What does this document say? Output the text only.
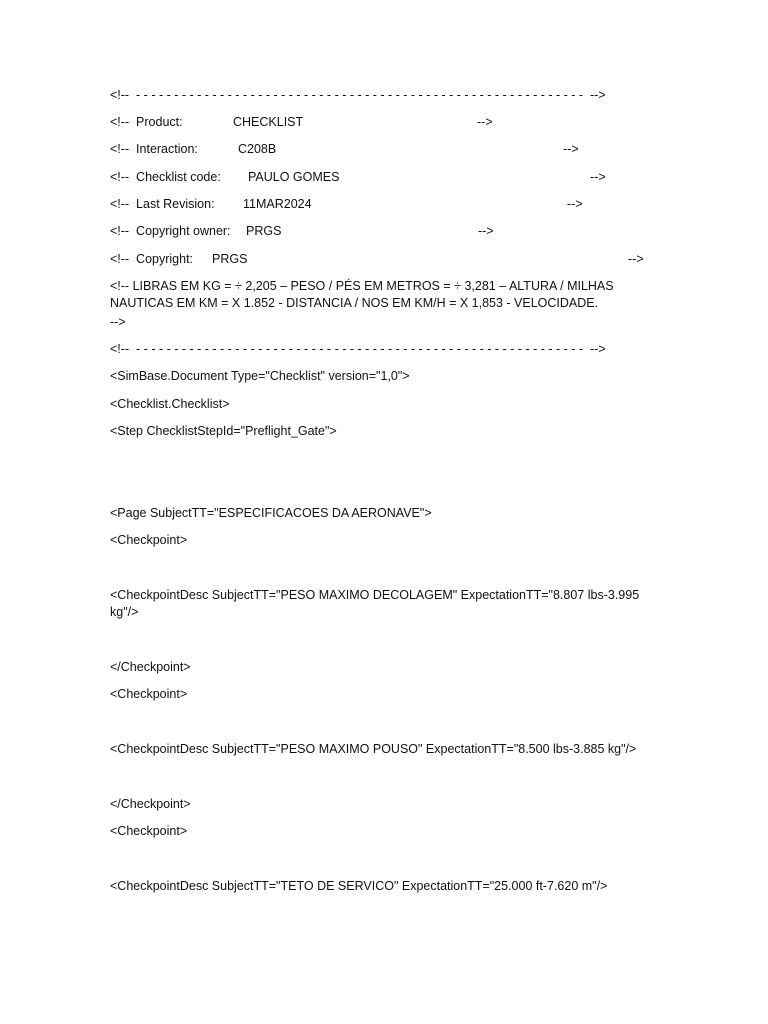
<!--  - - - - - - - - - - - - - - - - - - - - - - - - - - - - - - - - - - - - - - - - - - - - - - - - - - - - - - - - - - -  -->
<!--  Product:	CHECKLIST	-->
<!--  Interaction:	C208B	-->
<!--  Checklist code: PAULO GOMES	-->
<!--  Last Revision: 11MAR2024	-->
<!--  Copyright owner: PRGS	-->
<!--  Copyright: PRGS	-->
<!-- LIBRAS EM KG = ÷ 2,205 – PESO / PÉS EM METROS = ÷ 3,281 – ALTURA / MILHAS NAUTICAS EM KM = X 1.852 - DISTANCIA / NOS EM KM/H = X 1,853 - VELOCIDADE.
-->
<!--  - - - - - - - - - - - - - - - - - - - - - - - - - - - - - - - - - - - - - - - - - - - - - - - - - - - - - - - - - - -  -->
<SimBase.Document Type="Checklist" version="1,0">
<Checklist.Checklist>
<Step ChecklistStepId="Preflight_Gate">
<Page SubjectTT="ESPECIFICACOES DA AERONAVE">
<Checkpoint>
<CheckpointDesc SubjectTT="PESO MAXIMO DECOLAGEM" ExpectationTT="8.807 lbs-3.995 kg"/>
</Checkpoint>
<Checkpoint>
<CheckpointDesc SubjectTT="PESO MAXIMO POUSO" ExpectationTT="8.500 lbs-3.885 kg"/>
</Checkpoint>
<Checkpoint>
<CheckpointDesc SubjectTT="TETO DE SERVICO" ExpectationTT="25.000 ft-7.620 m"/>
